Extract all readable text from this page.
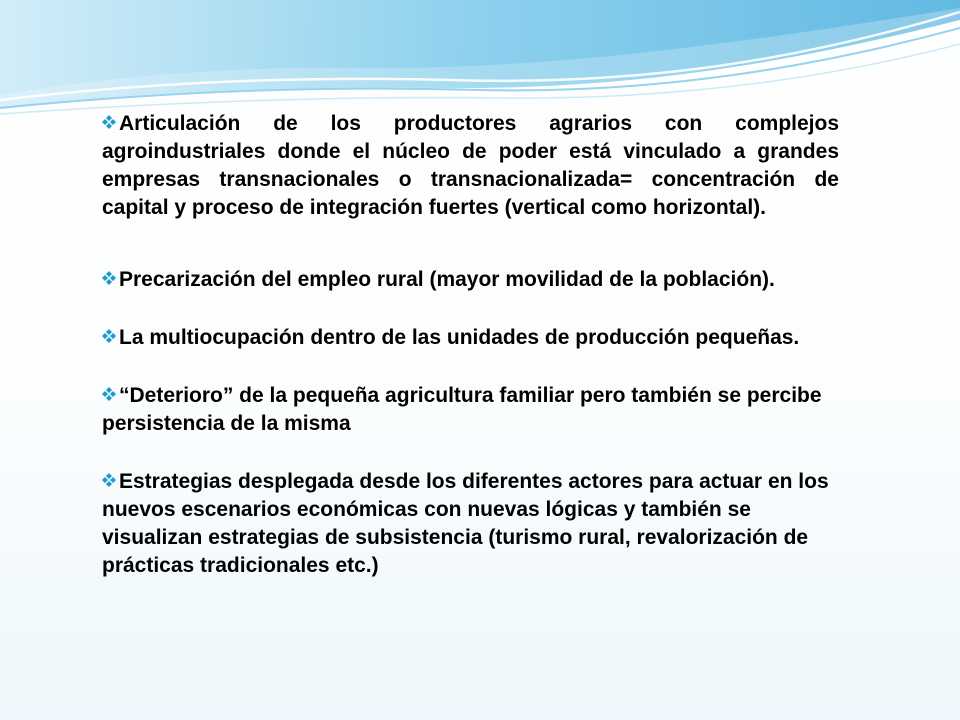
Articulación de los productores agrarios con complejos agroindustriales donde el núcleo de poder está vinculado a grandes empresas transnacionales o transnacionalizada= concentración de capital y proceso de integración fuertes (vertical como horizontal).

Precarización del empleo rural (mayor movilidad de la población).

La multiocupación dentro de las unidades de producción pequeñas.

“Deterioro” de la pequeña agricultura familiar pero también se percibe persistencia de la misma

Estrategias desplegada desde los diferentes actores para actuar en los nuevos escenarios económicas con nuevas lógicas y también se visualizan estrategias de subsistencia (turismo rural, revalorización de prácticas tradicionales etc.)
